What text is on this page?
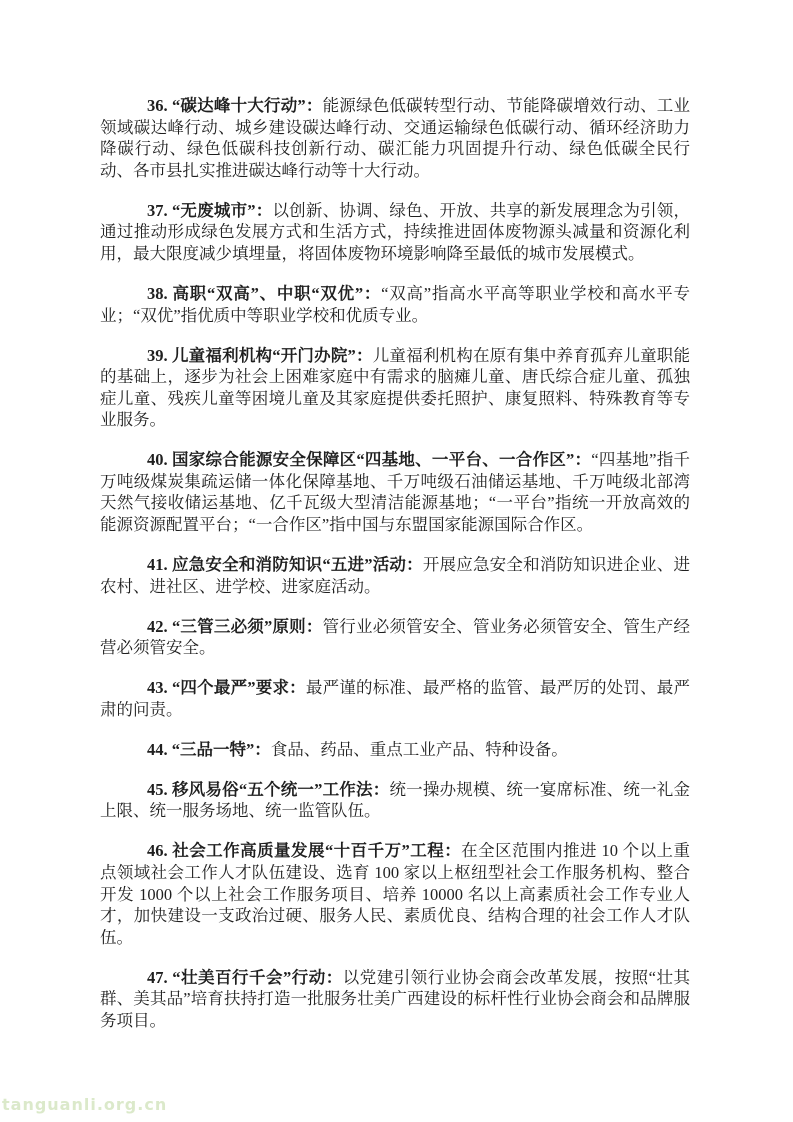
36. “碳达峰十大行动”：能源绿色低碳转型行动、节能降碳增效行动、工业领域碳达峰行动、城乡建设碳达峰行动、交通运输绿色低碳行动、循环经济助力降碳行动、绿色低碳科技创新行动、碳汇能力巩固提升行动、绿色低碳全民行动、各市县扎实推进碳达峰行动等十大行动。

37. “无废城市”：以创新、协调、绿色、开放、共享的新发展理念为引领，通过推动形成绿色发展方式和生活方式，持续推进固体废物源头减量和资源化利用，最大限度减少填埋量，将固体废物环境影响降至最低的城市发展模式。

38. 高职“双高”、中职“双优”：“双高”指高水平高等职业学校和高水平专业；“双优”指优质中等职业学校和优质专业。

39. 儿童福利机构“开门办院”：儿童福利机构在原有集中养育孤弃儿童职能的基础上，逐步为社会上困难家庭中有需求的脑瘫儿童、唐氏综合症儿童、孤独症儿童、残疾儿童等困境儿童及其家庭提供委托照护、康复照料、特殊教育等专业服务。

40. 国家综合能源安全保障区“四基地、一平台、一合作区”：“四基地”指千万吨级煤炭集疏运储一体化保障基地、千万吨级石油储运基地、千万吨级北部湾天然气接收储运基地、亿千瓦级大型清洁能源基地；“一平台”指统一开放高效的能源资源配置平台；“一合作区”指中国与东盟国家能源国际合作区。

41. 应急安全和消防知识“五进”活动：开展应急安全和消防知识进企业、进农村、进社区、进学校、进家庭活动。

42. “三管三必须”原则：管行业必须管安全、管业务必须管安全、管生产经营必须管安全。

43. “四个最严”要求：最严谨的标准、最严格的监管、最严厉的处罚、最严肃的问责。

44. “三品一特”：食品、药品、重点工业产品、特种设备。

45. 移风易俗“五个统一”工作法：统一操办规模、统一宴席标准、统一礼金上限、统一服务场地、统一监管队伍。

46. 社会工作高质量发展“十百千万”工程：在全区范围内推进 10 个以上重点领域社会工作人才队伍建设、选育 100 家以上枢纽型社会工作服务机构、整合开发 1000 个以上社会工作服务项目、培养 10000 名以上高素质社会工作专业人才，加快建设一支政治过硬、服务人民、素质优良、结构合理的社会工作人才队伍。

47. “壮美百行千会”行动：以党建引领行业协会商会改革发展，按照“壮其群、美其品”培育扶持打造一批服务壮美广西建设的标杆性行业协会商会和品牌服务项目。

tanguanli.org.cn
